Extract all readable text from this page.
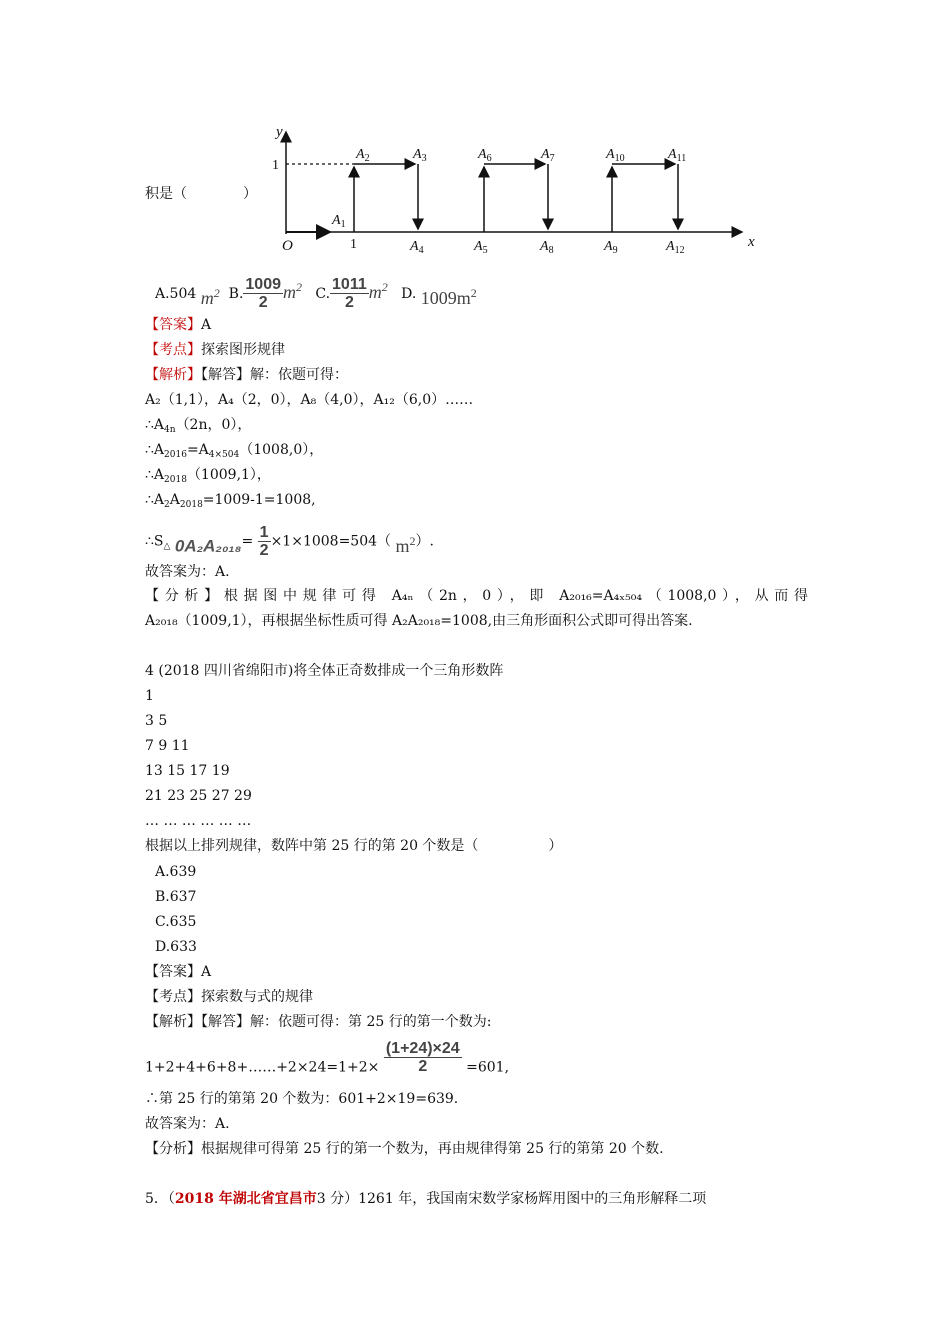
y
x
O
1
1
$A_1$
$A_2$	$A_3$
$A_4$	$A_5$
$A_6$	$A_7$
$A_8$	$A_9$
$A_{10}$	$A_{11}$
$A_{12}$
积是（　　　　）
A.504 $m^2$ B. $\frac{1009}{2} m^2$ C. $\frac{1011}{2} m^2$ D. $1009m^2$
【答案】A
【考点】探索图形规律
【解析】【解答】解：依题可得：
A₂（1,1），A₄（2，0），A₈（4,0），A₁₂（6,0）……
$\therefore A_{4n}(2n$，0），
$\therefore A_{2016}=A_{4\times 504}(1008,0)$，
$\therefore A_{2018}(1009,1)$，
$\therefore A_2A_{2018}=1009-1=1008$,
$\therefore S_\triangle$ $0A_2A_{2018}= \frac{1}{2} \times 1\times 1008=504$（ $m^2$）.
故答案为：A.
【分析】根据图中规律可得 A₄ₙ（2n，0），即 A₂₀₁₆=A₄ₓ₅₀₄（1008,0），从而得
A₂₀₁₈（1009,1），再根据坐标性质可得 A₂A₂₀₁₈=1008,由三角形面积公式即可得出答案.
4 (2018 四川省绵阳市)将全体正奇数排成一个三角形数阵
1
3 5
7 9 11
13 15 17 19
21 23 25 27 29
… … … … … …
根据以上排列规律，数阵中第 25 行的第 20 个数是（　　　　　）
A.639
B.637
C.635
D.633
【答案】A
【考点】探索数与式的规律
【解析】【解答】解：依题可得：第 25 行的第一个数为:
1+2+4+6+8+……+2×24=1+2× $\frac{(1+24)\times 24}{2} =601$,
∴第 25 行的第第 20 个数为：601+2×19=639.
故答案为：A.
【分析】根据规律可得第 25 行的第一个数为，再由规律得第 25 行的第第 20 个数.
5．（2018 年湖北省宜昌市3 分）1261 年，我国南宋数学家杨辉用图中的三角形解释二项
